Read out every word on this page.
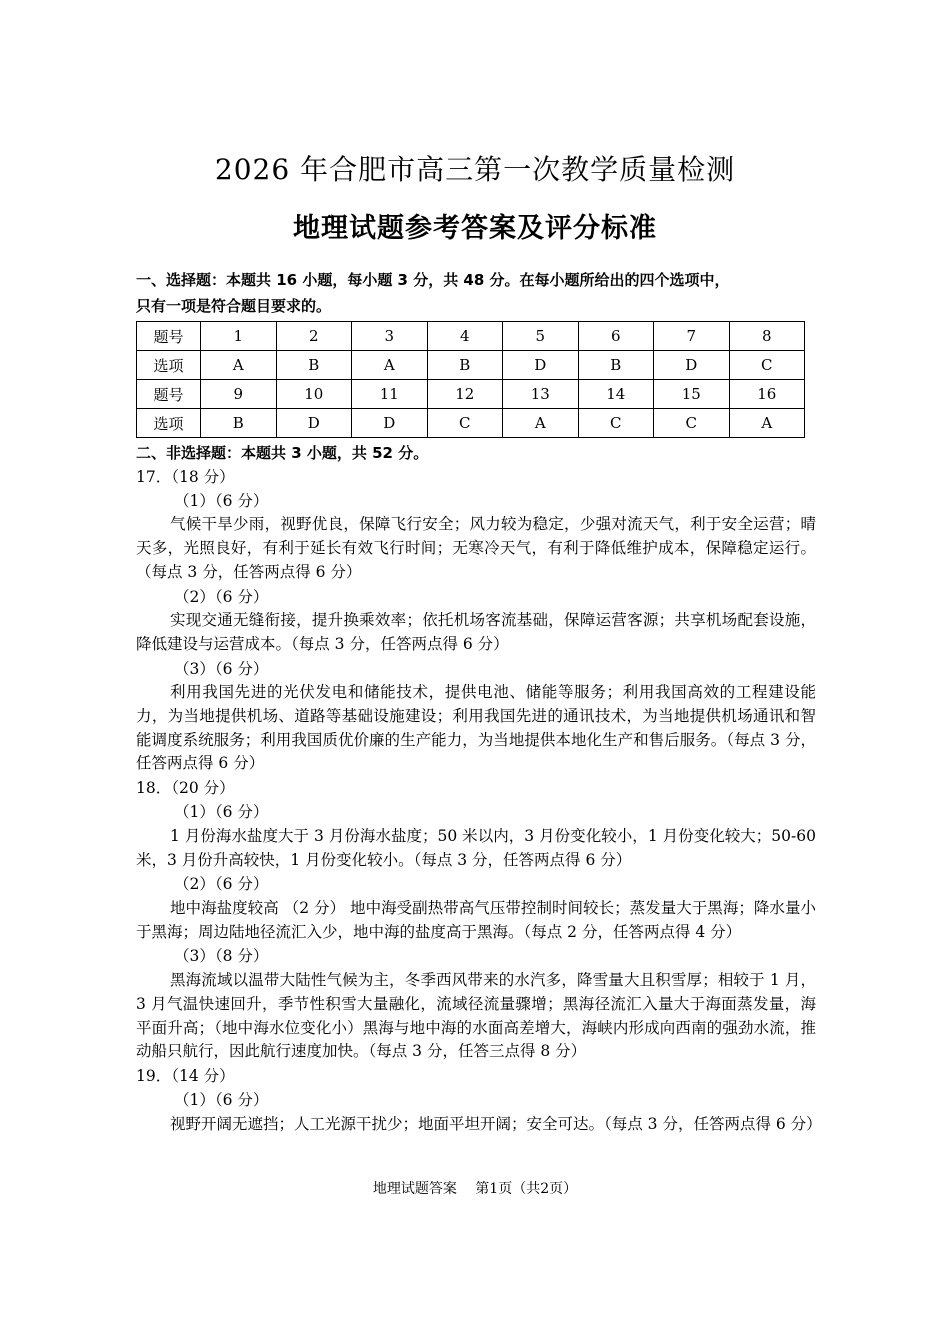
2026 年合肥市高三第一次教学质量检测
地理试题参考答案及评分标准
一、选择题：本题共 16 小题，每小题 3 分，共 48 分。在每小题所给出的四个选项中，
只有一项是符合题目要求的。
题号	1	2	3	4	5	6	7	8
选项	A	B	A	B	D	B	D	C
题号	9	10	11	12	13	14	15	16
选项	B	D	D	C	A	C	C	A
二、非选择题：本题共 3 小题，共 52 分。
17．（18 分）
（1）（6 分）
气候干旱少雨，视野优良，保障飞行安全；风力较为稳定，少强对流天气，利于安全运营；晴天多，光照良好，有利于延长有效飞行时间；无寒冷天气，有利于降低维护成本，保障稳定运行。（每点 3 分，任答两点得 6 分）
（2）（6 分）
实现交通无缝衔接，提升换乘效率；依托机场客流基础，保障运营客源；共享机场配套设施，降低建设与运营成本。（每点 3 分，任答两点得 6 分）
（3）（6 分）
利用我国先进的光伏发电和储能技术，提供电池、储能等服务；利用我国高效的工程建设能力，为当地提供机场、道路等基础设施建设；利用我国先进的通讯技术，为当地提供机场通讯和智能调度系统服务；利用我国质优价廉的生产能力，为当地提供本地化生产和售后服务。（每点 3 分，任答两点得 6 分）
18．（20 分）
（1）（6 分）
1 月份海水盐度大于 3 月份海水盐度；50 米以内，3 月份变化较小，1 月份变化较大；50-60 米，3 月份升高较快，1 月份变化较小。（每点 3 分，任答两点得 6 分）
（2）（6 分）
地中海盐度较高 （2 分） 地中海受副热带高气压带控制时间较长；蒸发量大于黑海；降水量小于黑海；周边陆地径流汇入少，地中海的盐度高于黑海。（每点 2 分，任答两点得 4 分）
（3）（8 分）
黑海流域以温带大陆性气候为主，冬季西风带来的水汽多，降雪量大且积雪厚；相较于 1 月，3 月气温快速回升，季节性积雪大量融化，流域径流量骤增；黑海径流汇入量大于海面蒸发量，海平面升高；（地中海水位变化小）黑海与地中海的水面高差增大，海峡内形成向西南的强劲水流，推动船只航行，因此航行速度加快。（每点 3 分，任答三点得 8 分）
19．（14 分）
（1）（6 分）
视野开阔无遮挡；人工光源干扰少；地面平坦开阔；安全可达。（每点 3 分，任答两点得 6 分）
地理试题答案　 第1页（共2页）
